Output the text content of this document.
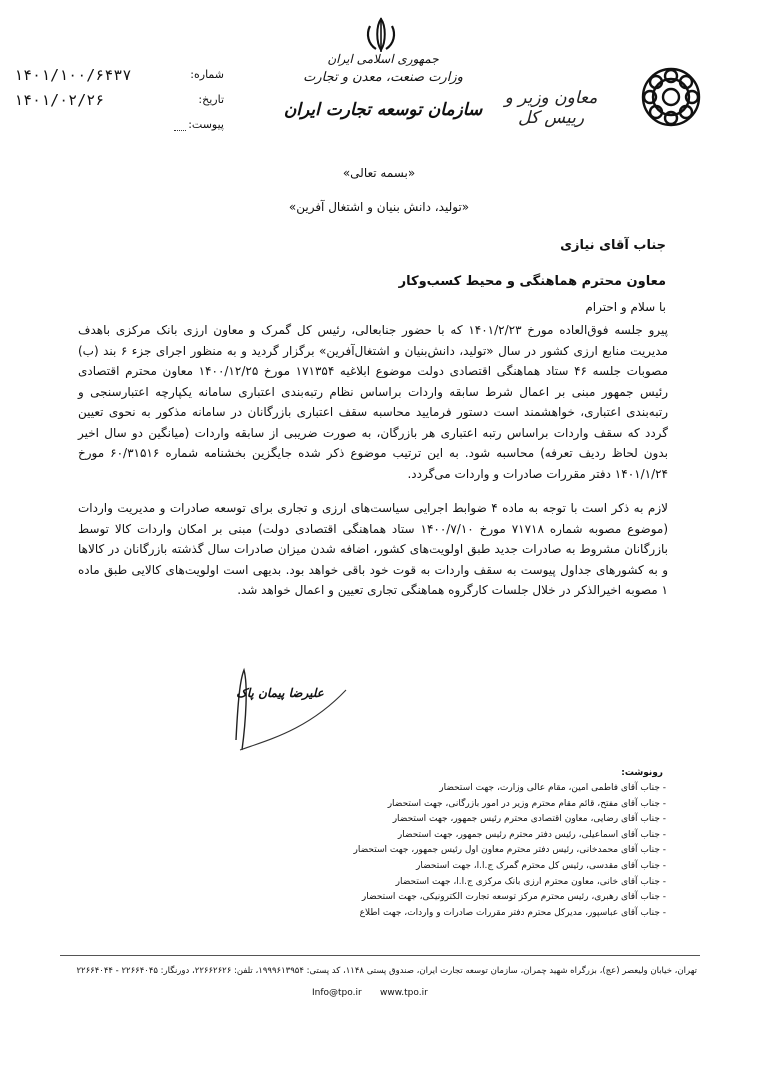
جمهوری اسلامی ایران
وزارت صنعت، معدن و تجارت
سازمان توسعه تجارت ایران
۱۴۰۱/۱۰۰/۶۴۳۷	شماره:
۱۴۰۱/۰۲/۲۶	تاریخ:
پیوست:
معاون وزیر و رییس کل
«بسمه تعالی»
«تولید، دانش بنیان و اشتغال آفرین»
جناب آقای نیازی
معاون محترم هماهنگی و محیط کسب‌وکار
با سلام و احترام
پیرو جلسه فوق‌العاده مورخ ۱۴۰۱/۲/۲۳ که با حضور جنابعالی، رئیس کل گمرک و معاون ارزی بانک مرکزی باهدف مدیریت منابع ارزی کشور در سال «تولید، دانش‌بنیان و اشتغال‌آفرین» برگزار گردید و به منظور اجرای جزء ۶ بند (ب) مصوبات جلسه ۴۶ ستاد هماهنگی اقتصادی دولت موضوع ابلاغیه ۱۷۱۳۵۴ مورخ ۱۴۰۰/۱۲/۲۵ معاون محترم اقتصادی رئیس جمهور مبنی بر اعمال شرط سابقه واردات براساس نظام رتبه‌بندی اعتباری سامانه یکپارچه اعتبارسنجی و رتبه‌بندی اعتباری، خواهشمند است دستور فرمایید محاسبه سقف اعتباری بازرگانان در سامانه مذکور به نحوی تعیین گردد که سقف واردات براساس رتبه اعتباری هر بازرگان، به صورت ضریبی از سابقه واردات (میانگین دو سال اخیر بدون لحاظ ردیف تعرفه) محاسبه شود. به این ترتیب موضوع ذکر شده جایگزین بخشنامه شماره ۶۰/۳۱۵۱۶ مورخ ۱۴۰۱/۱/۲۴ دفتر مقررات صادرات و واردات می‌گردد.
لازم به ذکر است با توجه به ماده ۴ ضوابط اجرایی سیاست‌های ارزی و تجاری برای توسعه صادرات و مدیریت واردات (موضوع مصوبه شماره ۷۱۷۱۸ مورخ ۱۴۰۰/۷/۱۰ ستاد هماهنگی اقتصادی دولت) مبنی بر امکان واردات کالا توسط بازرگانان مشروط به صادرات جدید طبق اولویت‌های کشور، اضافه شدن میزان صادرات سال گذشته بازرگانان در کالاها و به کشورهای جداول پیوست به سقف واردات به قوت خود باقی خواهد بود. بدیهی است اولویت‌های کالایی طبق ماده ۱ مصوبه اخیرالذکر در خلال جلسات کارگروه هماهنگی تجاری تعیین و اعمال خواهد شد.
علیرضا پیمان پاک
رونوشت:
- جناب آقای فاطمی امین، مقام عالی وزارت، جهت استحضار
- جناب آقای مفتح، قائم مقام محترم وزیر در امور بازرگانی، جهت استحضار
- جناب آقای رضایی، معاون اقتصادی محترم رئیس جمهور، جهت استحضار
- جناب آقای اسماعیلی، رئیس دفتر محترم رئیس جمهور، جهت استحضار
- جناب آقای محمدخانی، رئیس دفتر محترم معاون اول رئیس جمهور، جهت استحضار
- جناب آقای مقدسی، رئیس کل محترم گمرک ج.ا.ا، جهت استحضار
- جناب آقای خانی، معاون محترم ارزی بانک مرکزی ج.ا.ا، جهت استحضار
- جناب آقای رهبری، رئیس محترم مرکز توسعه تجارت الکترونیکی، جهت استحضار
- جناب آقای عباسپور، مدیرکل محترم دفتر مقررات صادرات و واردات، جهت اطلاع
تهران، خیابان ولیعصر (عج)، بزرگراه شهید چمران، سازمان توسعه تجارت ایران، صندوق پستی ۱۱۴۸، کد پستی: ۱۹۹۹۶۱۳۹۵۴، تلفن: ۲۲۶۶۲۶۲۶، دورنگار: ۲۲۶۶۴۰۴۵ - ۲۲۶۶۴۰۴۴
www.tpo.ir
Info@tpo.ir
